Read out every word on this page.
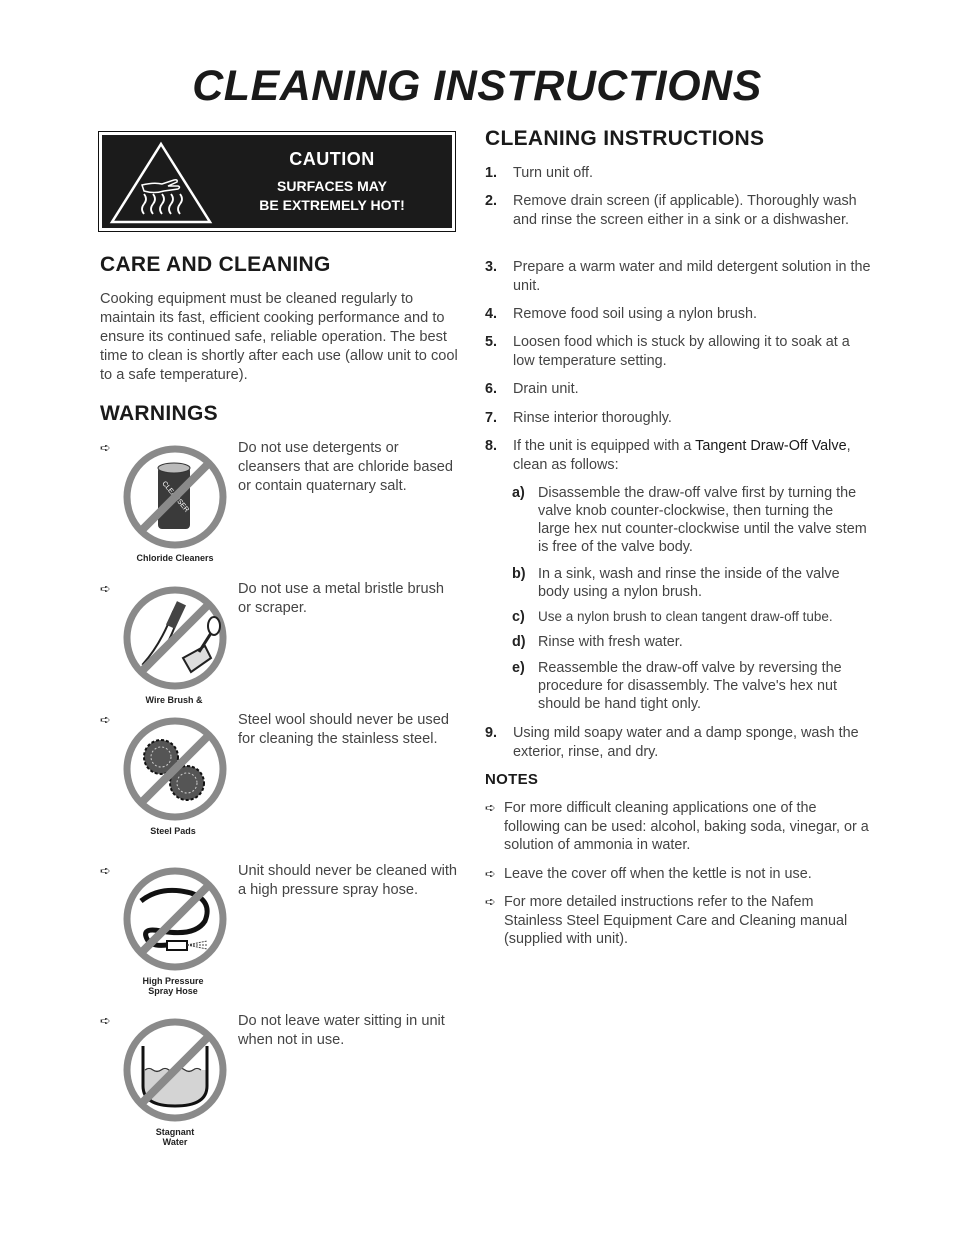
CLEANING INSTRUCTIONS
CAUTION
SURFACES MAY
BE EXTREMELY HOT!
CARE AND CLEANING

Cooking equipment must be cleaned regularly to maintain its fast, efficient cooking performance and to ensure its continued safe, reliable operation. The best time to clean is shortly after each use (allow unit to cool to a safe temperature).

WARNINGS
➪	Do not use detergents or cleansers that are chloride based or contain quaternary salt.
Chloride Cleaners
➪	Do not use a metal bristle brush or scraper.
Wire Brush &
➪	Steel wool should never be used for cleaning the stainless steel.
Steel Pads
➪	Unit should never be cleaned with a high pressure spray hose.
High Pressure
Spray Hose
➪	Do not leave water sitting in unit when not in use.
Stagnant
Water
CLEANING INSTRUCTIONS
1. Turn unit off.
2. Remove drain screen (if applicable). Thoroughly wash and rinse the screen either in a sink or a dishwasher.
3. Prepare a warm water and mild detergent solution in the unit.
4. Remove food soil using a nylon brush.
5. Loosen food which is stuck by allowing it to soak at a low temperature setting.
6. Drain unit.
7. Rinse interior thoroughly.
8. If the unit is equipped with a Tangent Draw-Off Valve, clean as follows:
a) Disassemble the draw-off valve first by turning the valve knob counter-clockwise, then turning the large hex nut counter-clockwise until the valve stem is free of the valve body.
b) In a sink, wash and rinse the inside of the valve body using a nylon brush.
c) Use a nylon brush to clean tangent draw-off tube.
d) Rinse with fresh water.
e) Reassemble the draw-off valve by reversing the procedure for disassembly. The valve's hex nut should be hand tight only.
9. Using mild soapy water and a damp sponge, wash the exterior, rinse, and dry.
NOTES
➪ For more difficult cleaning applications one of the following can be used: alcohol, baking soda, vinegar, or a solution of ammonia in water.
➪ Leave the cover off when the kettle is not in use.
➪ For more detailed instructions refer to the Nafem Stainless Steel Equipment Care and Cleaning manual (supplied with unit).
